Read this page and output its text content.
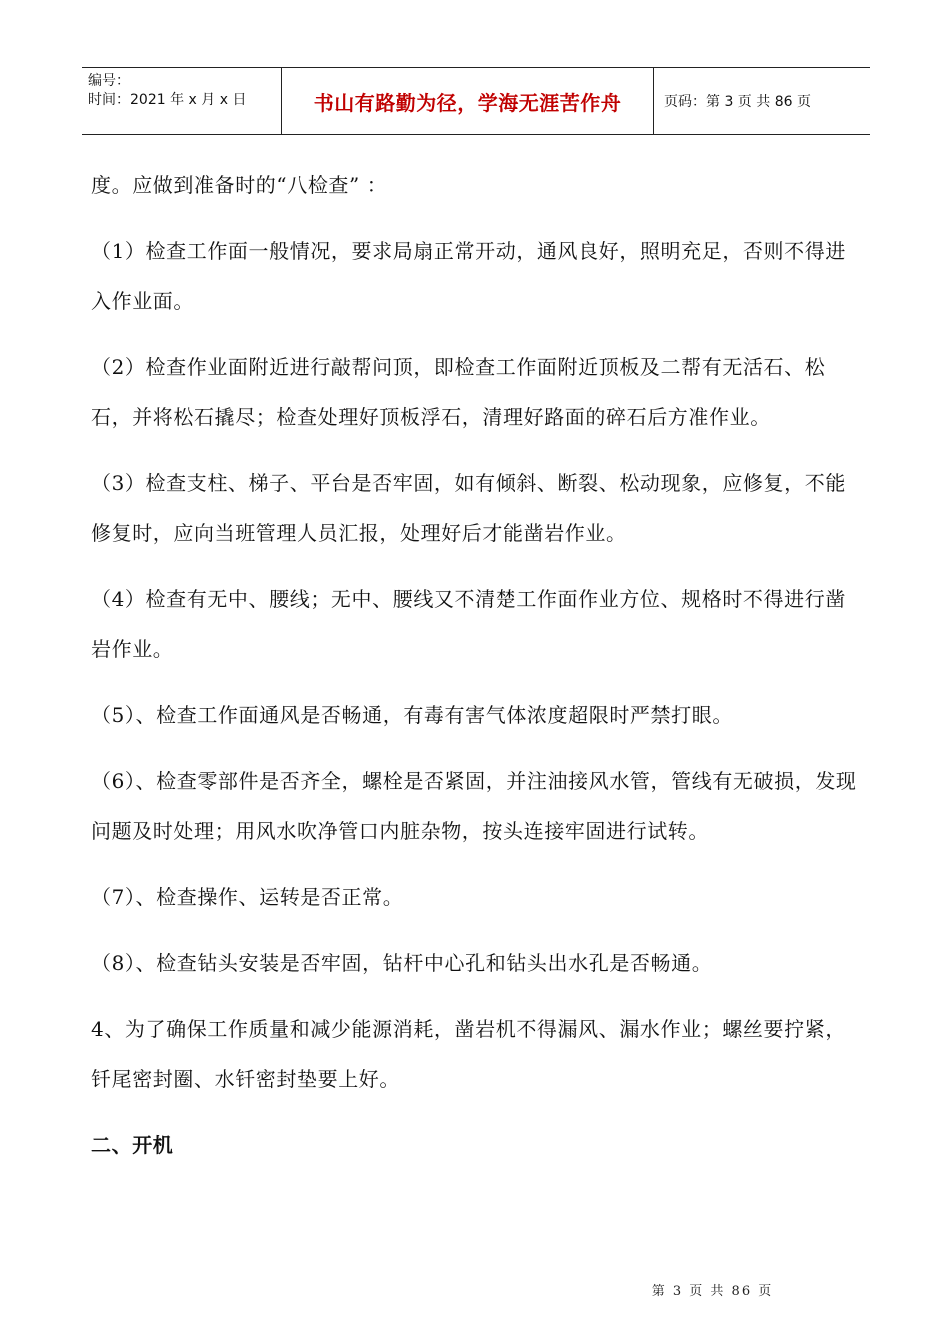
编号：
时间：2021 年 x 月 x 日	书山有路勤为径，学海无涯苦作舟	页码：第 3 页 共 86 页

度。应做到准备时的“八检查” ：

（1）检查工作面一般情况，要求局扇正常开动，通风良好，照明充足，否则不得进入作业面。

（2）检查作业面附近进行敲帮问顶，即检查工作面附近顶板及二帮有无活石、松石，并将松石撬尽；检查处理好顶板浮石，清理好路面的碎石后方准作业。

（3）检查支柱、梯子、平台是否牢固，如有倾斜、断裂、松动现象，应修复，不能修复时，应向当班管理人员汇报，处理好后才能凿岩作业。

（4）检查有无中、腰线；无中、腰线又不清楚工作面作业方位、规格时不得进行凿岩作业。

（5）、检查工作面通风是否畅通，有毒有害气体浓度超限时严禁打眼。

（6）、检查零部件是否齐全，螺栓是否紧固，并注油接风水管，管线有无破损，发现问题及时处理；用风水吹净管口内脏杂物，按头连接牢固进行试转。

（7）、检查操作、运转是否正常。

（8）、检查钻头安装是否牢固，钻杆中心孔和钻头出水孔是否畅通。

4、为了确保工作质量和减少能源消耗，凿岩机不得漏风、漏水作业；螺丝要拧紧，钎尾密封圈、水钎密封垫要上好。

二、开机

第 3 页 共 86 页
